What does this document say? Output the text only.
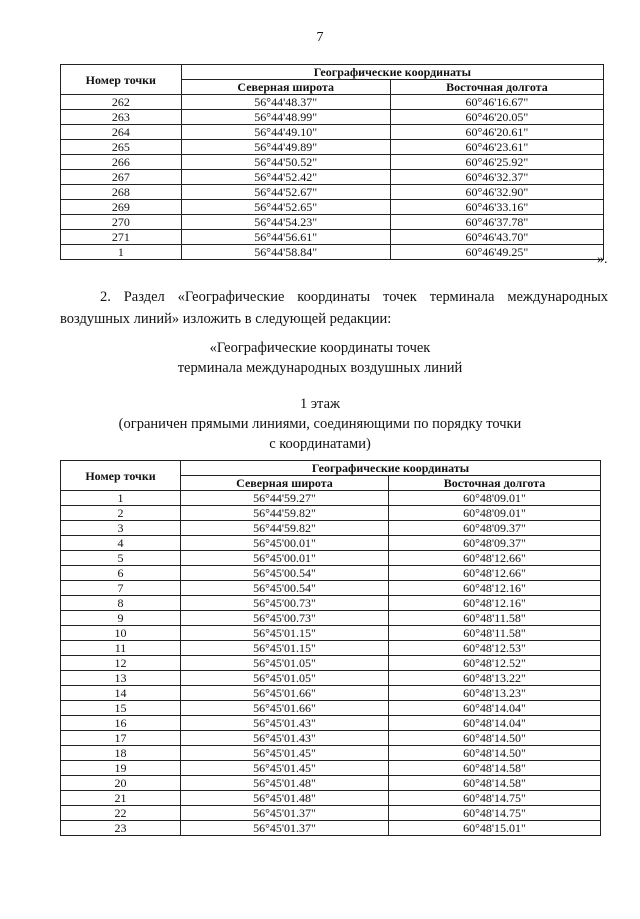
7
Номер точки	Географические координаты	
	Северная широта	Восточная долгота
262	56°44'48.37"	60°46'16.67"
263	56°44'48.99"	60°46'20.05"
264	56°44'49.10"	60°46'20.61"
265	56°44'49.89"	60°46'23.61"
266	56°44'50.52"	60°46'25.92"
267	56°44'52.42"	60°46'32.37"
268	56°44'52.67"	60°46'32.90"
269	56°44'52.65"	60°46'33.16"
270	56°44'54.23"	60°46'37.78"
271	56°44'56.61"	60°46'43.70"
1	56°44'58.84"	60°46'49.25"	».
2. Раздел «Географические координаты точек терминала международных воздушных линий» изложить в следующей редакции:
«Географические координаты точек
терминала международных воздушных линий
1 этаж
(ограничен прямыми линиями, соединяющими по порядку точки
с координатами)
Номер точки	Географические координаты	
	Северная широта	Восточная долгота
1	56°44'59.27"	60°48'09.01"
2	56°44'59.82"	60°48'09.01"
3	56°44'59.82"	60°48'09.37"
4	56°45'00.01"	60°48'09.37"
5	56°45'00.01"	60°48'12.66"
6	56°45'00.54"	60°48'12.66"
7	56°45'00.54"	60°48'12.16"
8	56°45'00.73"	60°48'12.16"
9	56°45'00.73"	60°48'11.58"
10	56°45'01.15"	60°48'11.58"
11	56°45'01.15"	60°48'12.53"
12	56°45'01.05"	60°48'12.52"
13	56°45'01.05"	60°48'13.22"
14	56°45'01.66"	60°48'13.23"
15	56°45'01.66"	60°48'14.04"
16	56°45'01.43"	60°48'14.04"
17	56°45'01.43"	60°48'14.50"
18	56°45'01.45"	60°48'14.50"
19	56°45'01.45"	60°48'14.58"
20	56°45'01.48"	60°48'14.58"
21	56°45'01.48"	60°48'14.75"
22	56°45'01.37"	60°48'14.75"
23	56°45'01.37"	60°48'15.01"
